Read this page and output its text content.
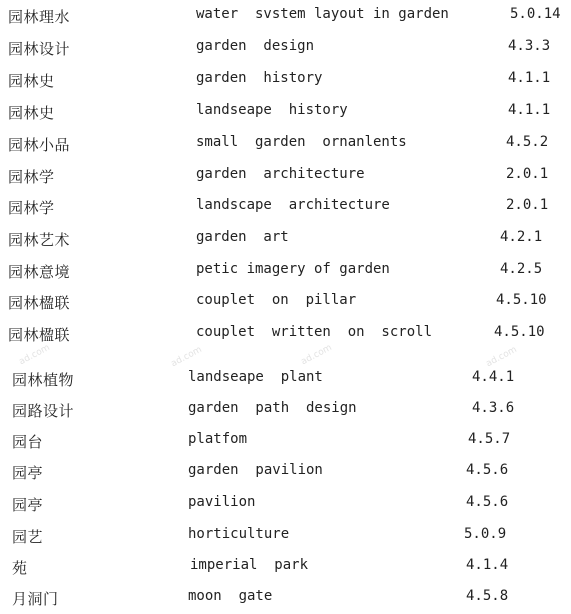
ad.com	ad.com	ad.com	ad.com
园林理水	water  svstem layout in garden	5.0.14
园林设计	garden  design	4.3.3
园林史	garden  history	4.1.1
园林史	landseape  history	4.1.1
园林小品	small  garden  ornanlents	4.5.2
园林学	garden  architecture	2.0.1
园林学	landscape  architecture	2.0.1
园林艺术	garden  art	4.2.1
园林意境	petic imagery of garden	4.2.5
园林楹联	couplet  on  pillar	4.5.10
园林楹联	couplet  written  on  scroll	4.5.10
园林植物	landseape  plant	4.4.1
园路设计	garden  path  design	4.3.6
园台	platfom	4.5.7
园亭	garden  pavilion	4.5.6
园亭	pavilion	4.5.6
园艺	horticulture	5.0.9
苑	imperial  park	4.1.4
月洞门	moon  gate	4.5.8
